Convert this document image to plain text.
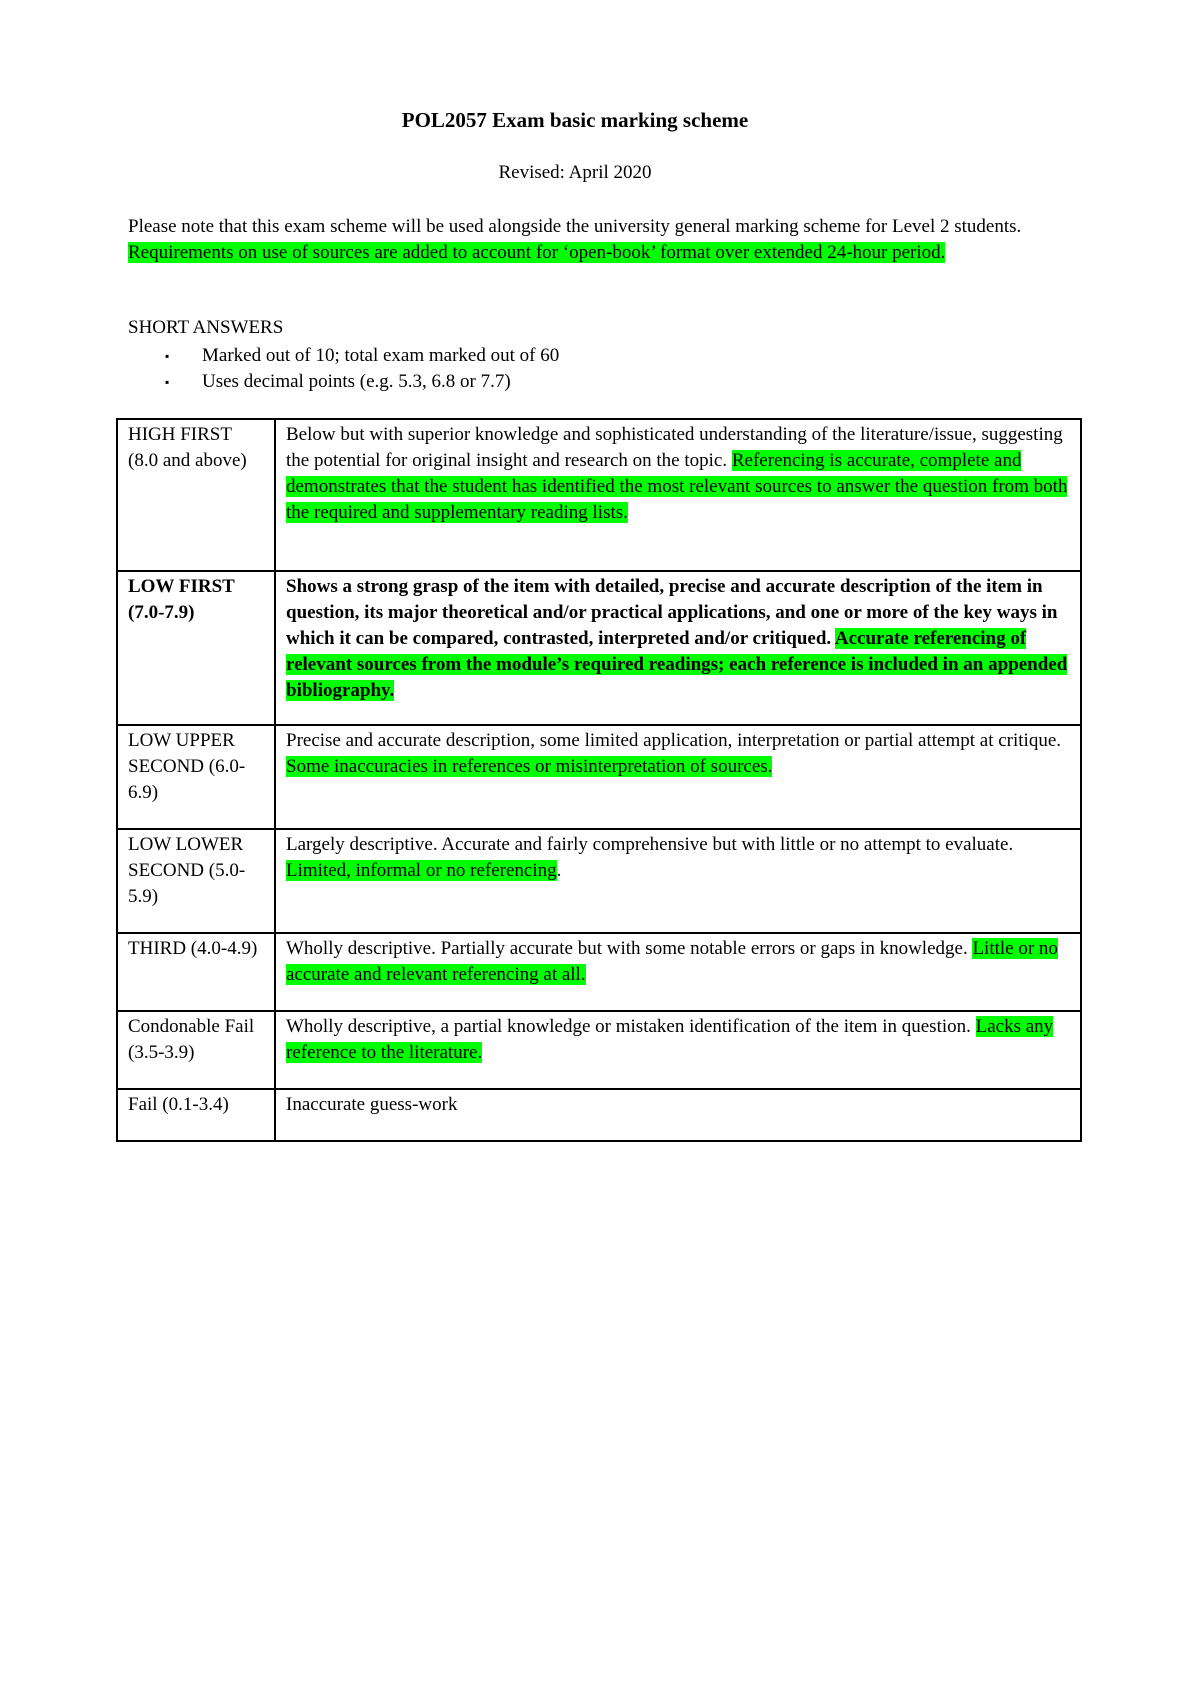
POL2057 Exam basic marking scheme
Revised: April 2020
Please note that this exam scheme will be used alongside the university general marking scheme for Level 2 students. Requirements on use of sources are added to account for ‘open-book’ format over extended 24-hour period.
SHORT ANSWERS
▪ Marked out of 10; total exam marked out of 60
▪ Uses decimal points (e.g. 5.3, 6.8 or 7.7)
HIGH FIRST (8.0 and above)	Below but with superior knowledge and sophisticated understanding of the literature/issue, suggesting the potential for original insight and research on the topic. Referencing is accurate, complete and demonstrates that the student has identified the most relevant sources to answer the question from both the required and supplementary reading lists.
LOW FIRST (7.0-7.9)	Shows a strong grasp of the item with detailed, precise and accurate description of the item in question, its major theoretical and/or practical applications, and one or more of the key ways in which it can be compared, contrasted, interpreted and/or critiqued. Accurate referencing of relevant sources from the module’s required readings; each reference is included in an appended bibliography.
LOW UPPER SECOND (6.0-6.9)	Precise and accurate description, some limited application, interpretation or partial attempt at critique. Some inaccuracies in references or misinterpretation of sources.
LOW LOWER SECOND (5.0-5.9)	Largely descriptive. Accurate and fairly comprehensive but with little or no attempt to evaluate. Limited, informal or no referencing.
THIRD (4.0-4.9)	Wholly descriptive. Partially accurate but with some notable errors or gaps in knowledge. Little or no accurate and relevant referencing at all.
Condonable Fail (3.5-3.9)	Wholly descriptive, a partial knowledge or mistaken identification of the item in question. Lacks any reference to the literature.
Fail (0.1-3.4)	Inaccurate guess-work
